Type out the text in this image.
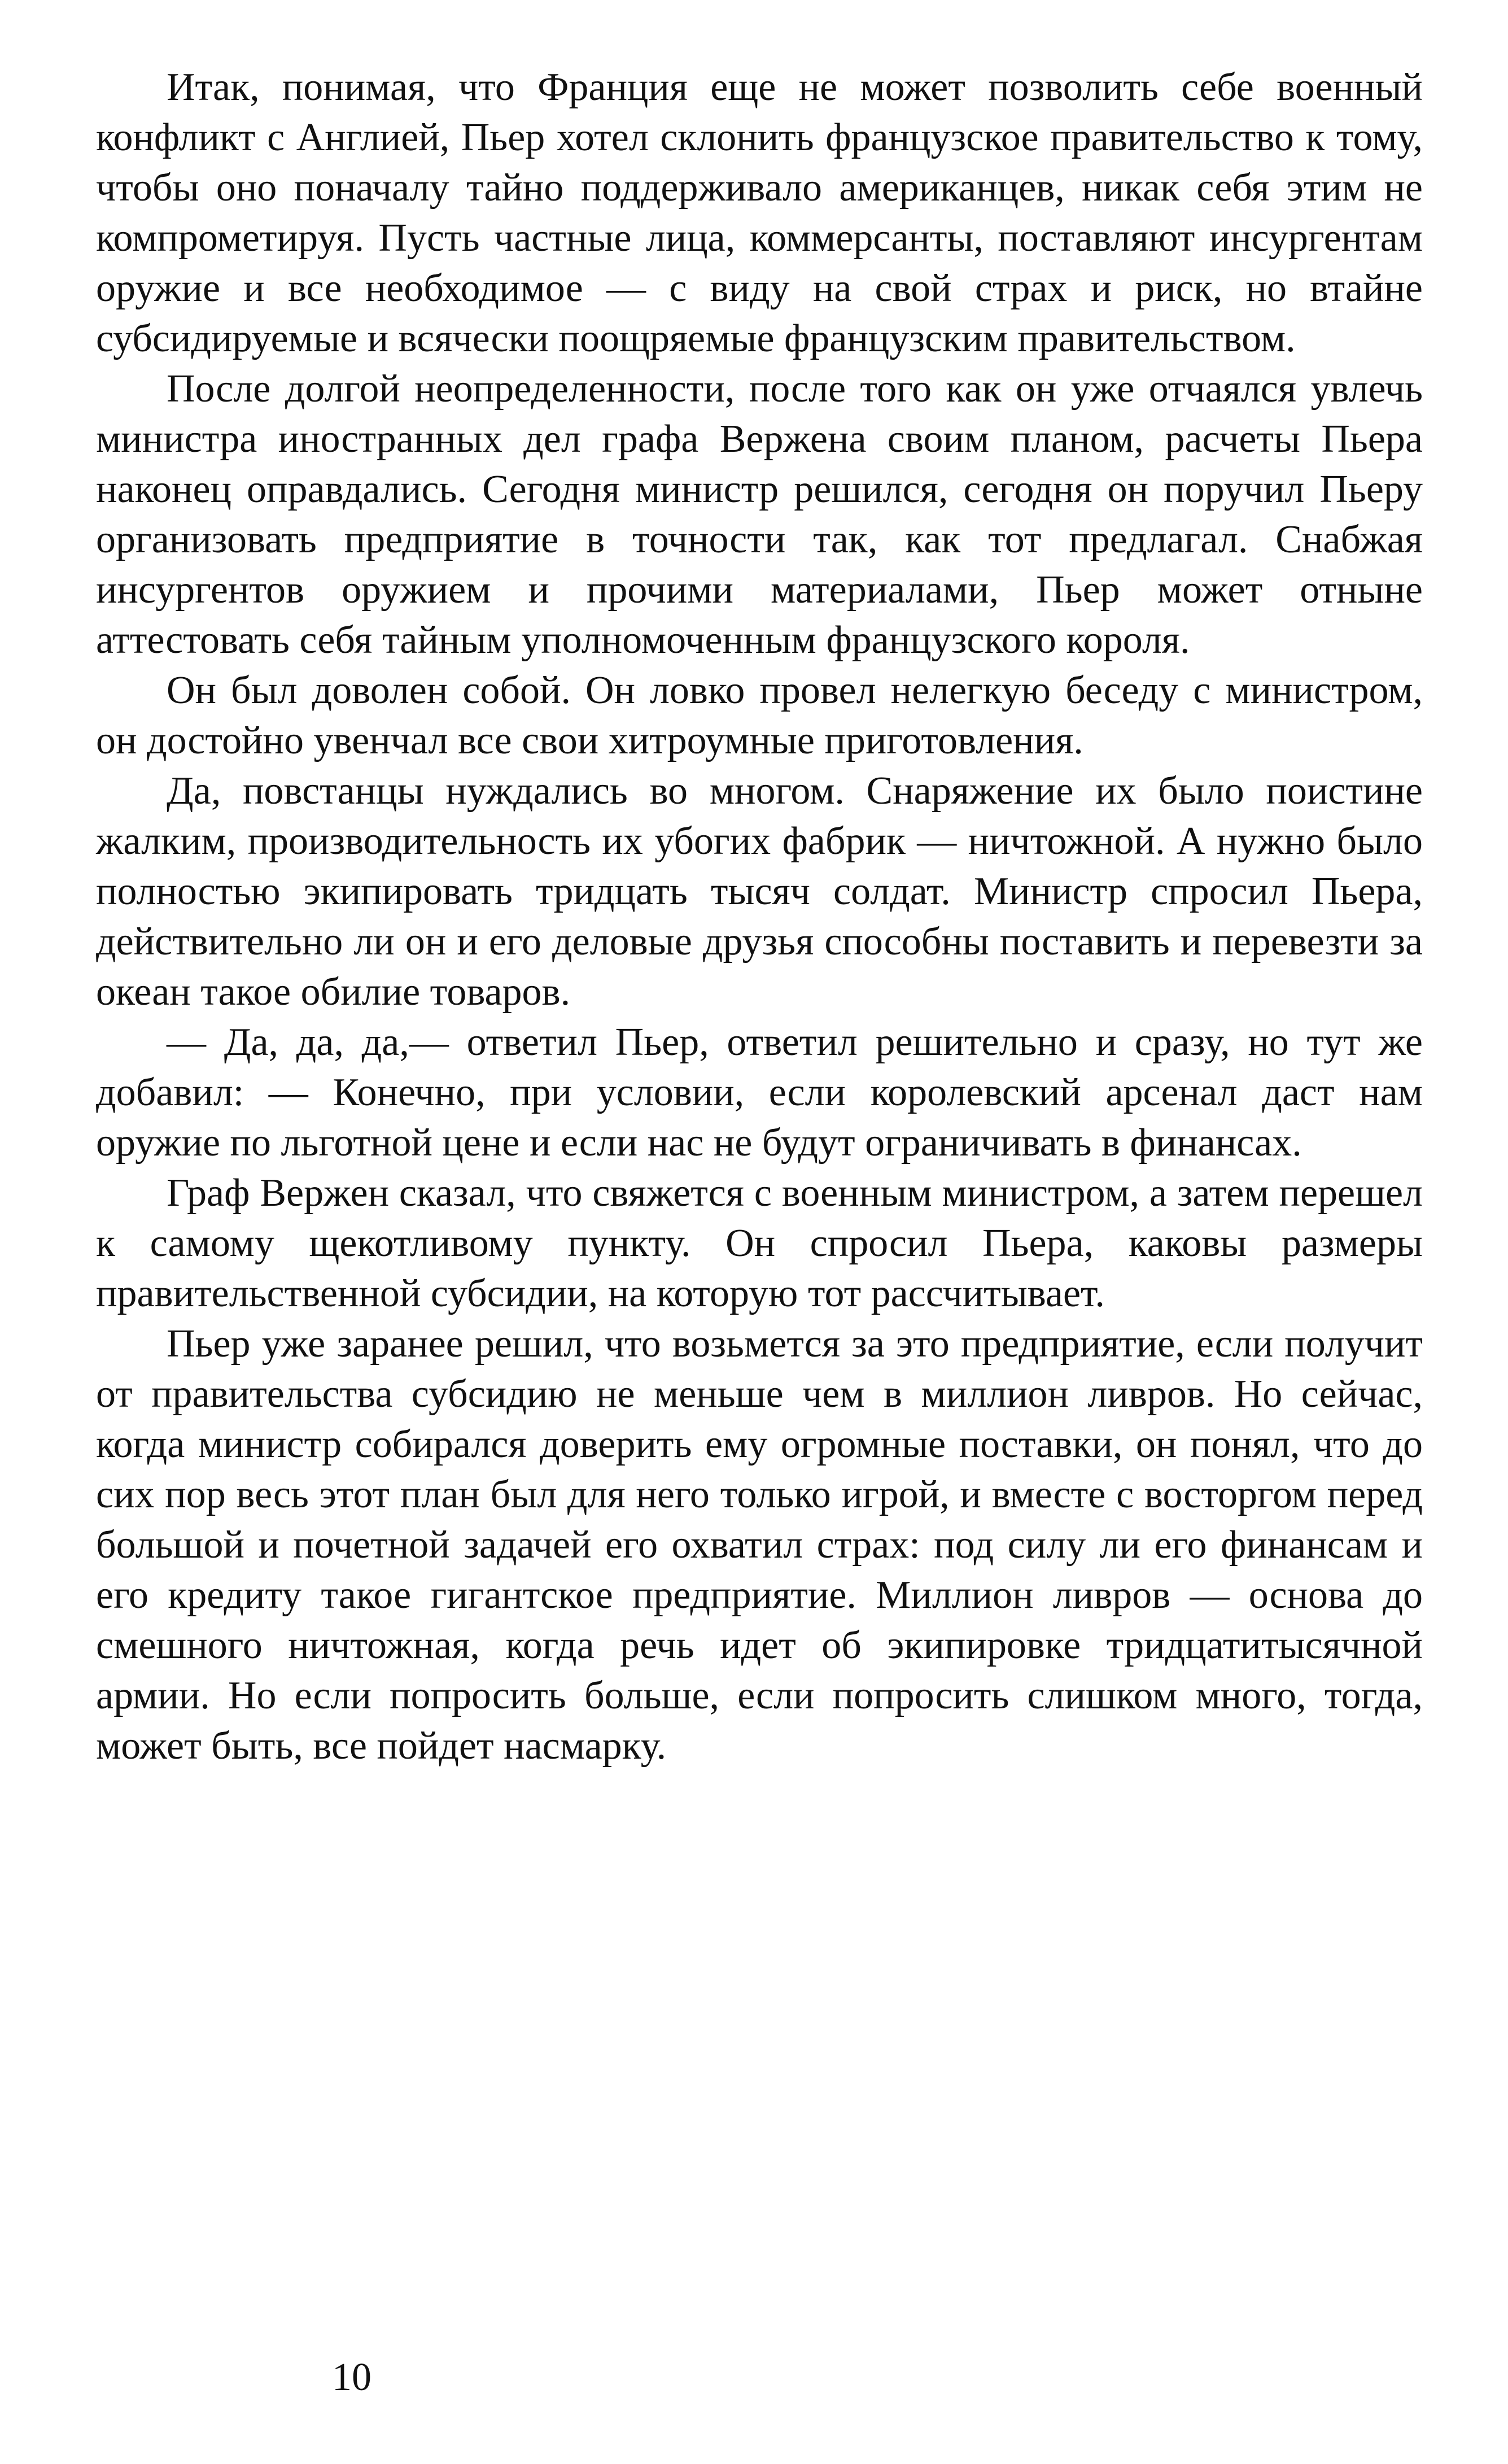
Итак, понимая, что Франция еще не может позволить себе военный конфликт с Англией, Пьер хотел склонить французское правительство к тому, чтобы оно поначалу тайно поддерживало американцев, никак себя этим не компрометируя. Пусть частные лица, коммерсанты, поставляют инсургентам оружие и все необходимое — с виду на свой страх и риск, но втайне субсидируемые и всячески поощряемые французским правительством.

После долгой неопределенности, после того как он уже отчаялся увлечь министра иностранных дел графа Вержена своим планом, расчеты Пьера наконец оправдались. Сегодня министр решился, сегодня он поручил Пьеру организовать предприятие в точности так, как тот предлагал. Снабжая инсургентов оружием и прочими материалами, Пьер может отныне аттестовать себя тайным уполномоченным французского короля.

Он был доволен собой. Он ловко провел нелегкую беседу с министром, он достойно увенчал все свои хитроумные приготовления.

Да, повстанцы нуждались во многом. Снаряжение их было поистине жалким, производительность их убогих фабрик — ничтожной. А нужно было полностью экипировать тридцать тысяч солдат. Министр спросил Пьера, действительно ли он и его деловые друзья способны поставить и перевезти за океан такое обилие товаров.

— Да, да, да,— ответил Пьер, ответил решительно и сразу, но тут же добавил: — Конечно, при условии, если королевский арсенал даст нам оружие по льготной цене и если нас не будут ограничивать в финансах.

Граф Вержен сказал, что свяжется с военным министром, а затем перешел к самому щекотливому пункту. Он спросил Пьера, каковы размеры правительственной субсидии, на которую тот рассчитывает.

Пьер уже заранее решил, что возьмется за это предприятие, если получит от правительства субсидию не меньше чем в миллион ливров. Но сейчас, когда министр собирался доверить ему огромные поставки, он понял, что до сих пор весь этот план был для него только игрой, и вместе с восторгом перед большой и почетной задачей его охватил страх: под силу ли его финансам и его кредиту такое гигантское предприятие. Миллион ливров — основа до смешного ничтожная, когда речь идет об экипировке тридцатитысячной армии. Но если попросить больше, если попросить слишком много, тогда, может быть, все пойдет насмарку.

10
